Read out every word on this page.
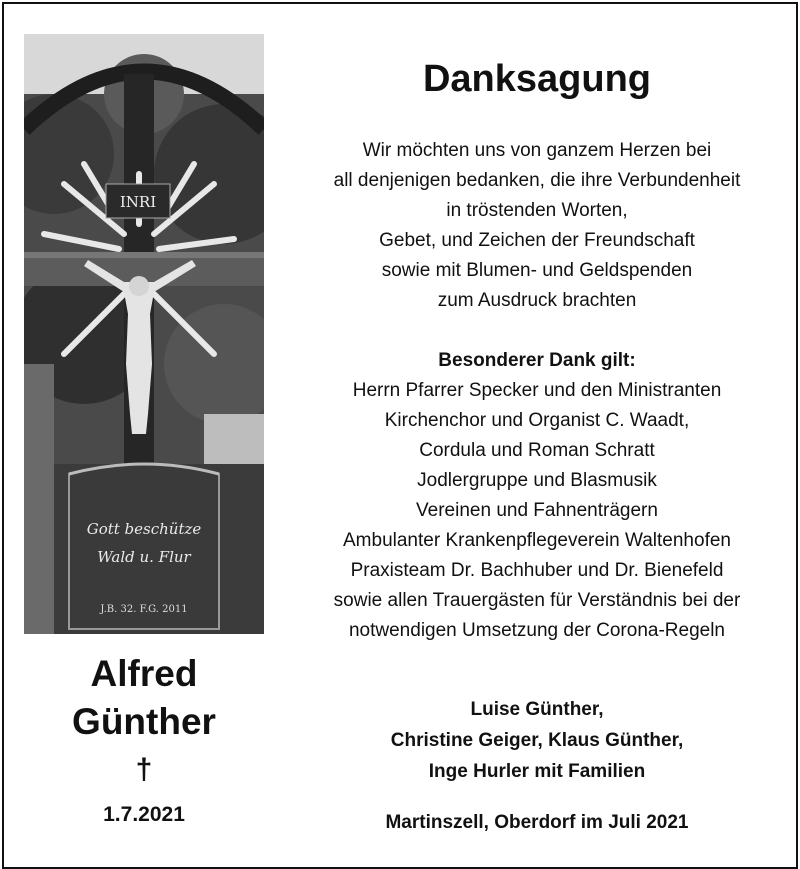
INRI
Gott beschütze
Wald u. Flur
J.B. 32. F.G. 2011
Alfred
Günther
†
1.7.2021
Danksagung
Wir möchten uns von ganzem Herzen bei
all denjenigen bedanken, die ihre Verbundenheit
in tröstenden Worten,
Gebet, und Zeichen der Freundschaft
sowie mit Blumen- und Geldspenden
zum Ausdruck brachten
Besonderer Dank gilt:
Herrn Pfarrer Specker und den Ministranten
Kirchenchor und Organist C. Waadt,
Cordula und Roman Schratt
Jodlergruppe und Blasmusik
Vereinen und Fahnenträgern
Ambulanter Krankenpflegeverein Waltenhofen
Praxisteam Dr. Bachhuber und Dr. Bienefeld
sowie allen Trauergästen für Verständnis bei der
notwendigen Umsetzung der Corona-Regeln
Luise Günther,
Christine Geiger, Klaus Günther,
Inge Hurler mit Familien
Martinszell, Oberdorf im Juli 2021
